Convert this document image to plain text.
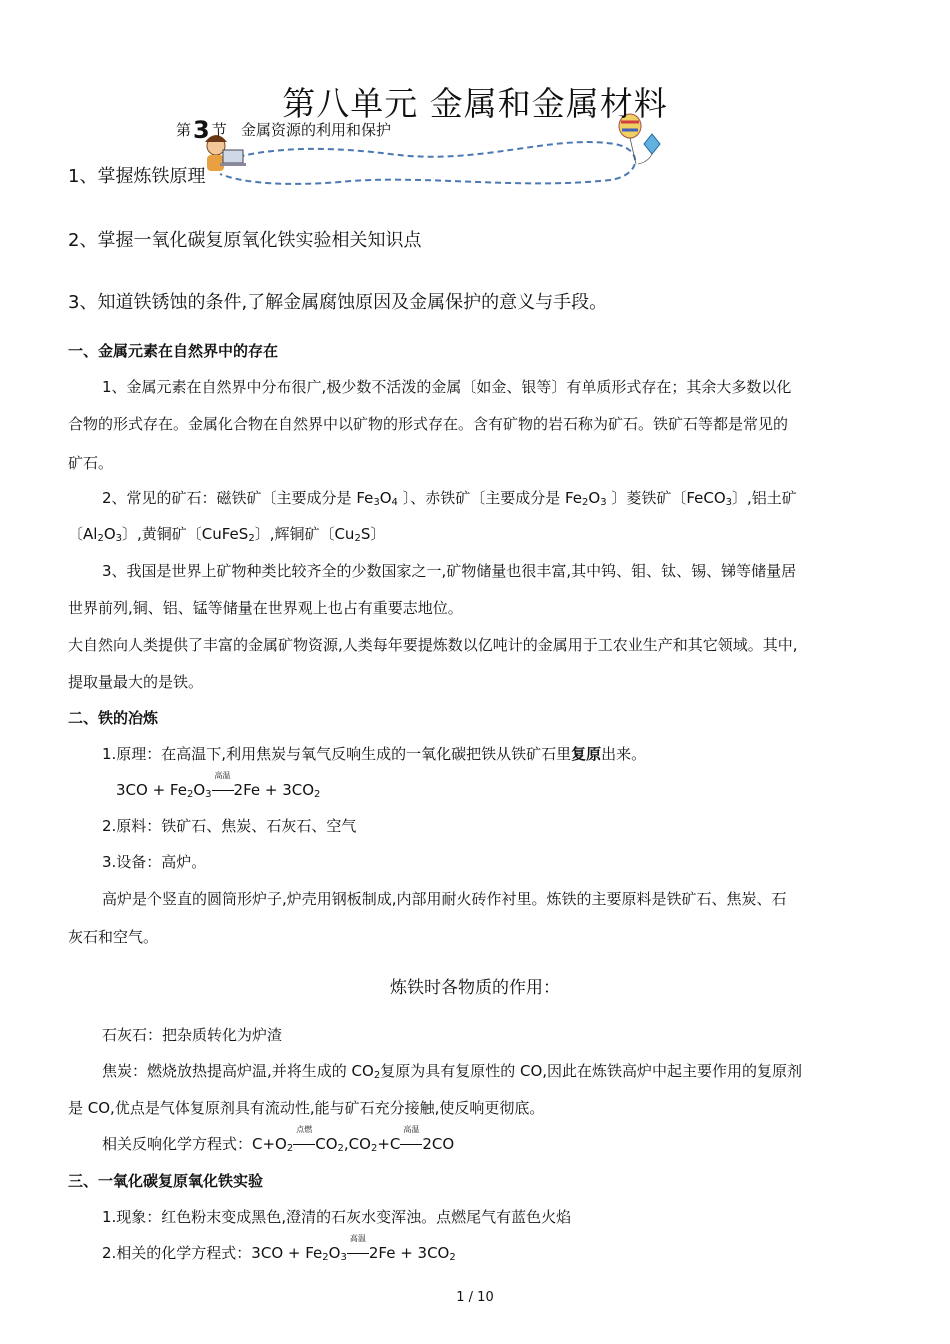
第八单元 金属和金属材料
第3 节 金属资源的利用和保护
1、掌握炼铁原理
2、掌握一氧化碳复原氧化铁实验相关知识点
3、知道铁锈蚀的条件,了解金属腐蚀原因及金属保护的意义与手段。
一、金属元素在自然界中的存在
1、金属元素在自然界中分布很广,极少数不活泼的金属〔如金、银等〕有单质形式存在；其余大多数以化
合物的形式存在。金属化合物在自然界中以矿物的形式存在。含有矿物的岩石称为矿石。铁矿石等都是常见的
矿石。
2、常见的矿石：磁铁矿〔主要成分是 $Fe_3O_4$ 〕、赤铁矿〔主要成分是 $Fe_2O_3$ 〕菱铁矿〔FeCO$_3$〕,铝土矿
〔$Al_2O_3$〕,黄铜矿〔CuFeS$_2$〕,辉铜矿〔$Cu_2S$〕
3、我国是世界上矿物种类比较齐全的少数国家之一,矿物储量也很丰富,其中钨、钼、钛、锡、锑等储量居
世界前列,铜、铝、锰等储量在世界观上也占有重要志地位。
大自然向人类提供了丰富的金属矿物资源,人类每年要提炼数以亿吨计的金属用于工农业生产和其它领域。其中,
提取量最大的是铁。
二、铁的冶炼
1.原理：在高温下,利用焦炭与氧气反响生成的一氧化碳把铁从铁矿石里复原出来。
$3CO + Fe_2O_3$ 高温 $2Fe + 3CO_2$
2.原料：铁矿石、焦炭、石灰石、空气
3.设备：高炉。
高炉是个竖直的圆筒形炉子,炉壳用钢板制成,内部用耐火砖作衬里。炼铁的主要原料是铁矿石、焦炭、石
灰石和空气。
炼铁时各物质的作用：
石灰石：把杂质转化为炉渣
焦炭：燃烧放热提高炉温,并将生成的 $CO_2$复原为具有复原性的 CO,因此在炼铁高炉中起主要作用的复原剂
是 CO,优点是气体复原剂具有流动性,能与矿石充分接触,使反响更彻底。
相关反响化学方程式：$C+O_2$ 点燃 $CO_2,CO_2+C$ 高温 2CO
三、一氧化碳复原氧化铁实验
1.现象：红色粉末变成黑色,澄清的石灰水变浑浊。点燃尾气有蓝色火焰
2.相关的化学方程式：$3CO + Fe_2O_3$ 高温 $2Fe + 3CO_2$
1 / 10
